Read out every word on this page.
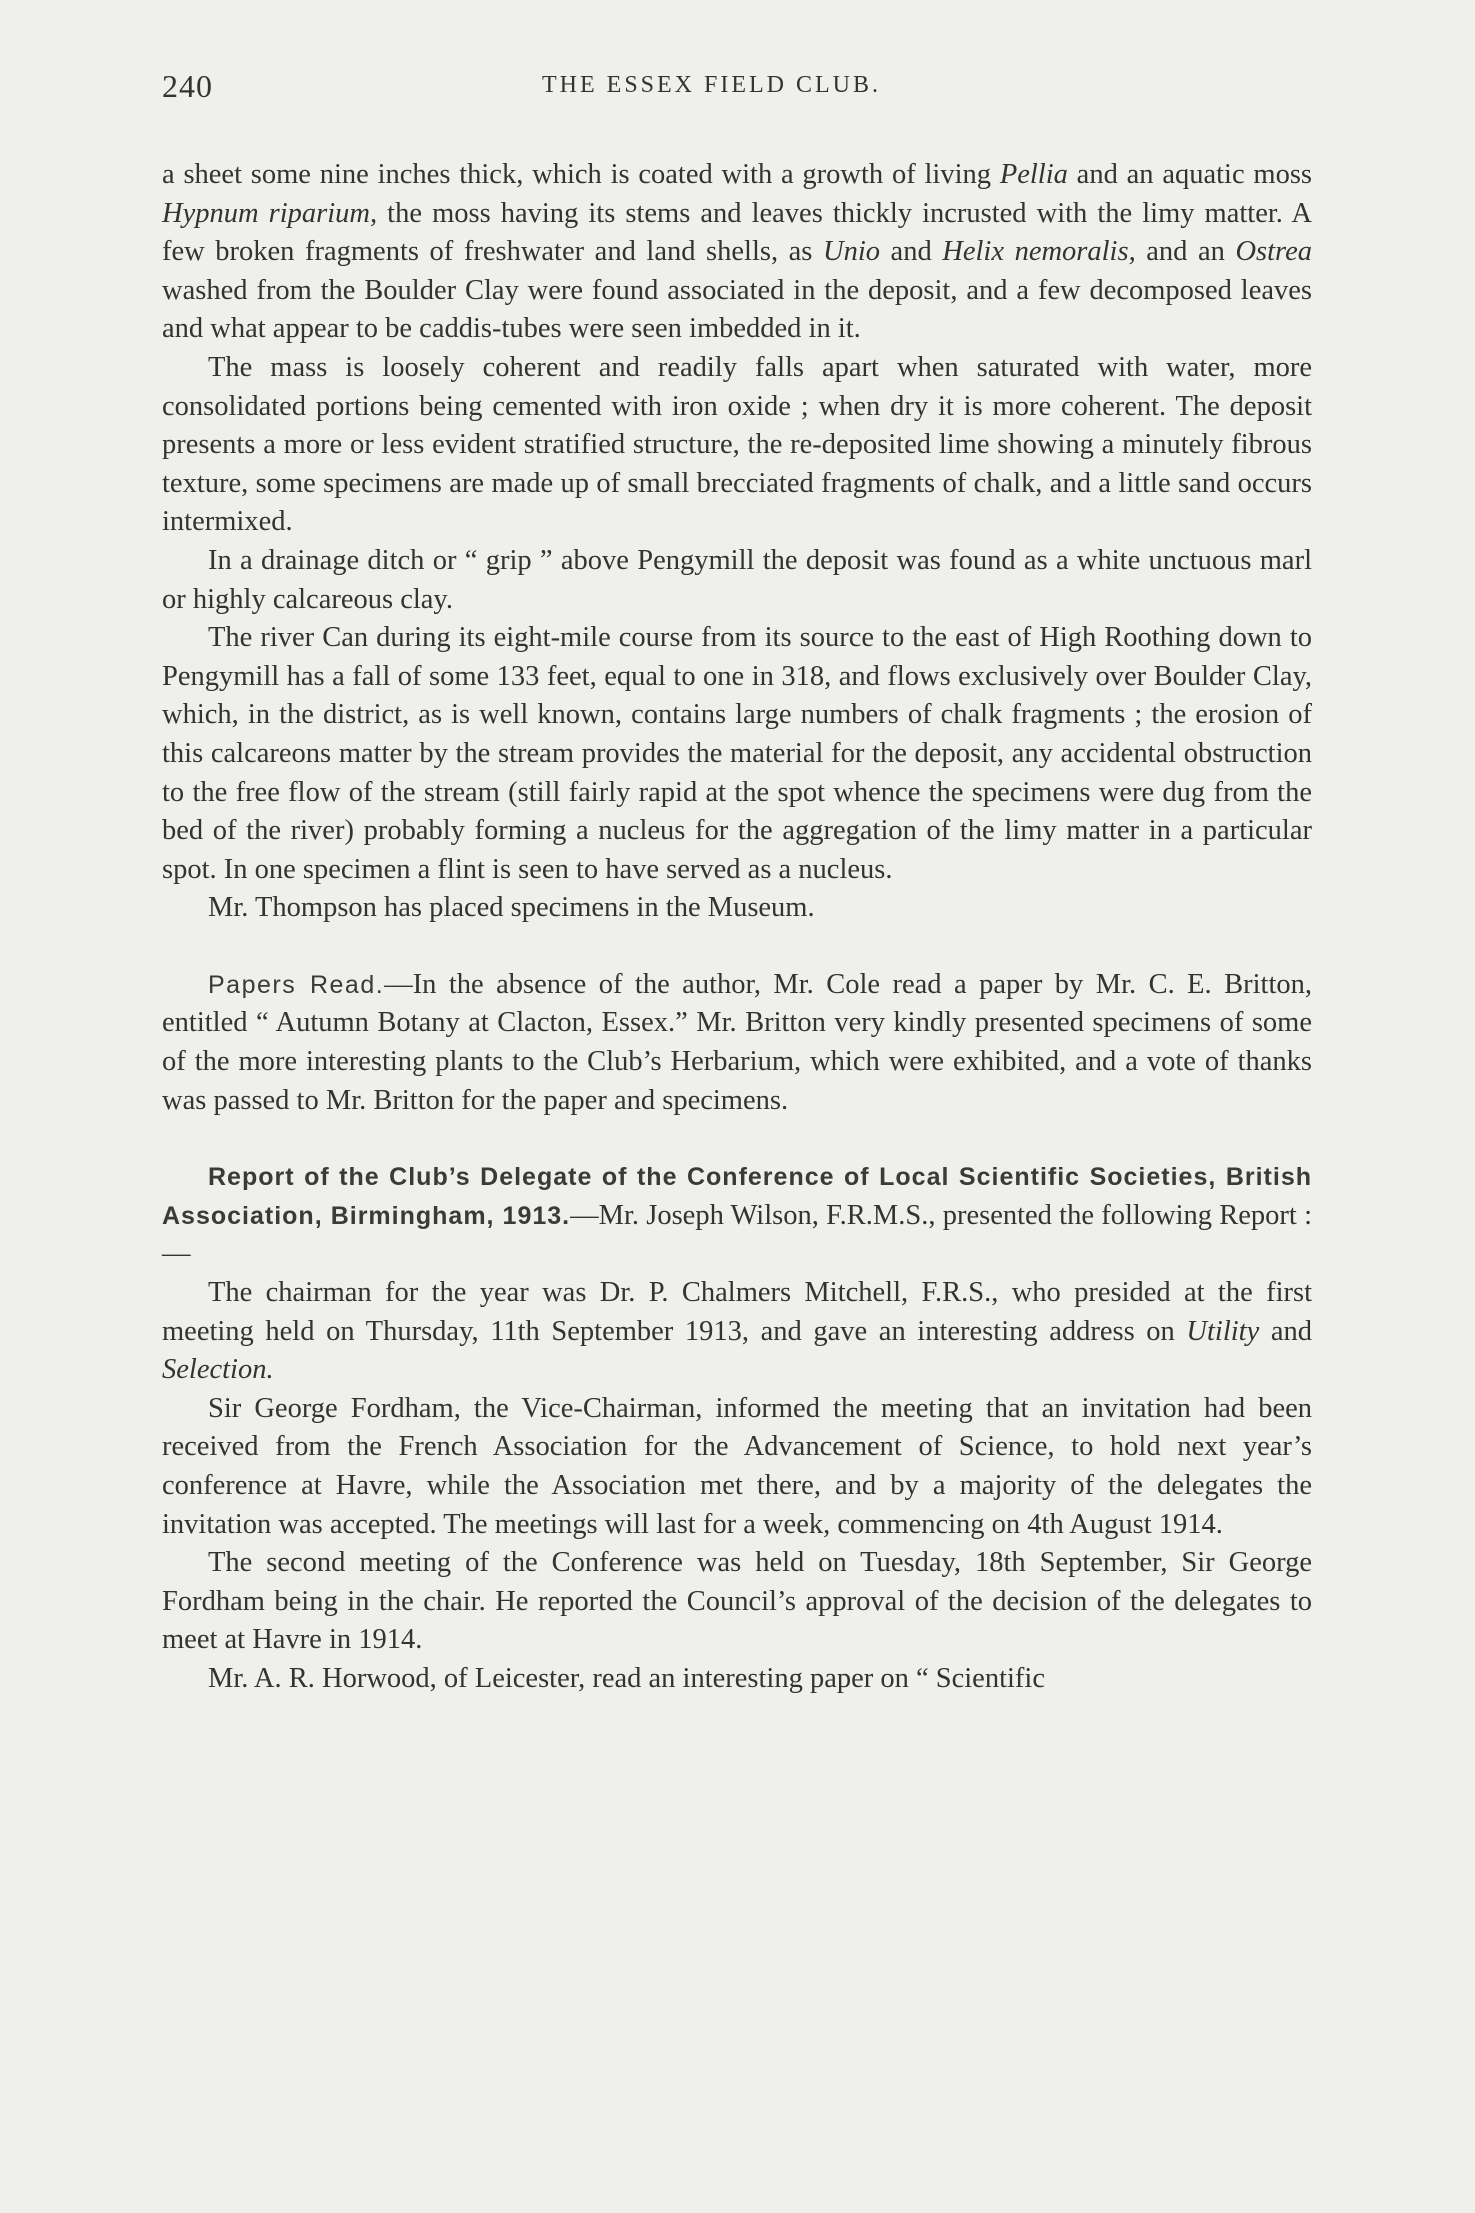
240	THE ESSEX FIELD CLUB.

a sheet some nine inches thick, which is coated with a growth of living Pellia and an aquatic moss Hypnum riparium, the moss having its stems and leaves thickly incrusted with the limy matter. A few broken fragments of freshwater and land shells, as Unio and Helix nemoralis, and an Ostrea washed from the Boulder Clay were found associated in the deposit, and a few decomposed leaves and what appear to be caddis-tubes were seen imbedded in it.

The mass is loosely coherent and readily falls apart when saturated with water, more consolidated portions being cemented with iron oxide ; when dry it is more coherent. The deposit presents a more or less evident stratified structure, the re-deposited lime showing a minutely fibrous texture, some specimens are made up of small brecciated fragments of chalk, and a little sand occurs intermixed.

In a drainage ditch or “ grip ” above Pengymill the deposit was found as a white unctuous marl or highly calcareous clay.

The river Can during its eight-mile course from its source to the east of High Roothing down to Pengymill has a fall of some 133 feet, equal to one in 318, and flows exclusively over Boulder Clay, which, in the district, as is well known, contains large numbers of chalk fragments ; the erosion of this calcareons matter by the stream provides the material for the deposit, any accidental obstruction to the free flow of the stream (still fairly rapid at the spot whence the specimens were dug from the bed of the river) probably forming a nucleus for the aggregation of the limy matter in a particular spot. In one specimen a flint is seen to have served as a nucleus.

Mr. Thompson has placed specimens in the Museum.

Papers Read.—In the absence of the author, Mr. Cole read a paper by Mr. C. E. Britton, entitled “ Autumn Botany at Clacton, Essex.” Mr. Britton very kindly presented specimens of some of the more interesting plants to the Club’s Herbarium, which were exhibited, and a vote of thanks was passed to Mr. Britton for the paper and specimens.

Report of the Club’s Delegate of the Conference of Local Scientific Societies, British Association, Birmingham, 1913.—Mr. Joseph Wilson, F.R.M.S., presented the following Report :—

The chairman for the year was Dr. P. Chalmers Mitchell, F.R.S., who presided at the first meeting held on Thursday, 11th September 1913, and gave an interesting address on Utility and Selection.

Sir George Fordham, the Vice-Chairman, informed the meeting that an invitation had been received from the French Association for the Advancement of Science, to hold next year’s conference at Havre, while the Association met there, and by a majority of the delegates the invitation was accepted. The meetings will last for a week, commencing on 4th August 1914.

The second meeting of the Conference was held on Tuesday, 18th September, Sir George Fordham being in the chair. He reported the Council’s approval of the decision of the delegates to meet at Havre in 1914.

Mr. A. R. Horwood, of Leicester, read an interesting paper on “ Scientific
